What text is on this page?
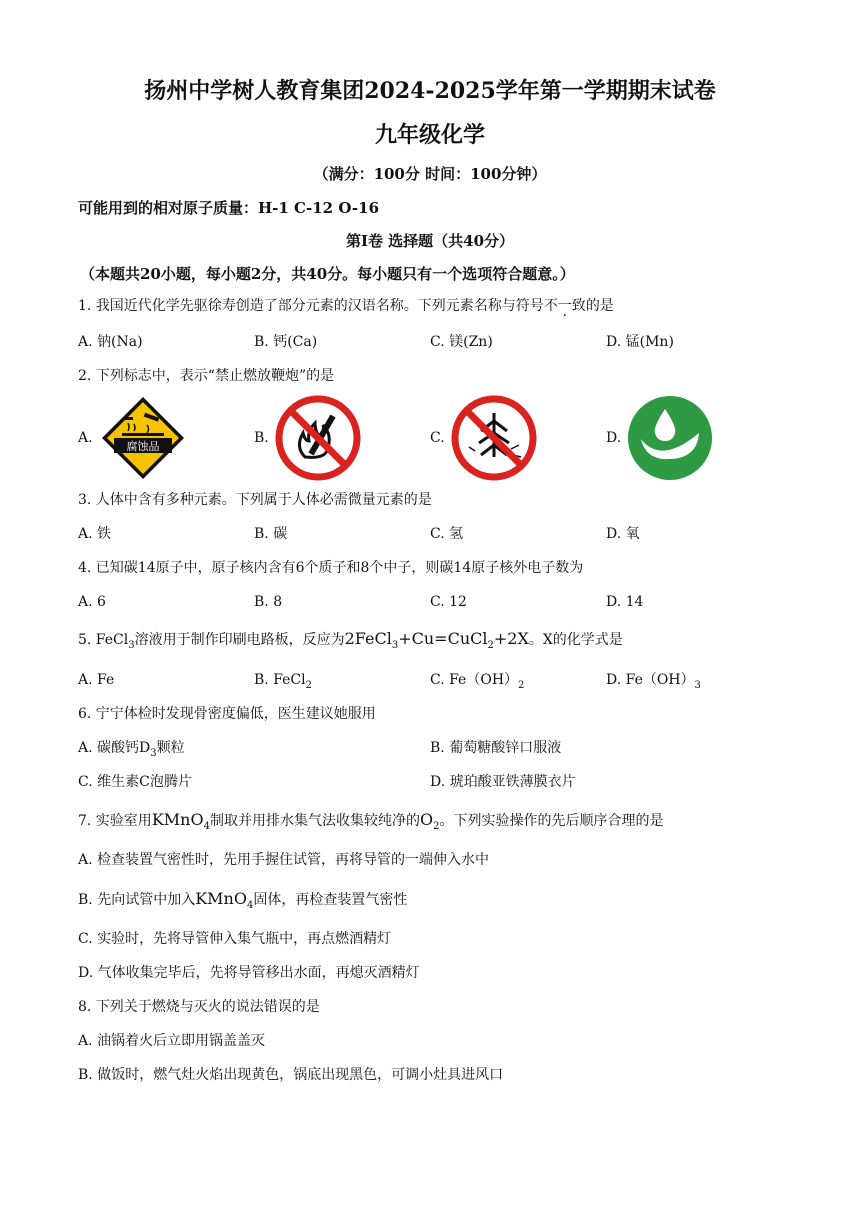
扬州中学树人教育集团2024-2025学年第一学期期末试卷
九年级化学
（满分：100分 时间：100分钟）
可能用到的相对原子质量：H-1 C-12 O-16
第Ⅰ卷 选择题（共40分）
（本题共20小题，每小题2分，共40分。每小题只有一个选项符合题意。）
1. 我国近代化学先驱徐寿创造了部分元素的汉语名称。下列元素名称与符号不一致的是
A. 钠(Na)	B. 钙(Ca)	C. 镁(Zn)	D. 锰(Mn)
2. 下列标志中，表示“禁止燃放鞭炮”的是
A.	B.	C.	D.
腐蚀品
3. 人体中含有多种元素。下列属于人体必需微量元素的是
A. 铁	B. 碳	C. 氢	D. 氧
4. 已知碳14原子中，原子核内含有6个质子和8个中子，则碳14原子核外电子数为
A. 6	B. 8	C. 12	D. 14
5. FeCl$_3$溶液用于制作印刷电路板，反应为2FeCl$_3$+Cu=CuCl$_2$+2X。X的化学式是
A. Fe	B. FeCl$_2$	C. $Fe(OH)_2$	D. $Fe(OH)_3$
6. 宁宁体检时发现骨密度偏低，医生建议她服用
A. 碳酸钙$D_3$颗粒	B. 葡萄糖酸锌口服液
C. 维生素C泡腾片	D. 琥珀酸亚铁薄膜衣片
7. 实验室用KMnO$_4$制取并用排水集气法收集较纯净的$O_2$。下列实验操作的先后顺序合理的是
A. 检查装置气密性时，先用手握住试管，再将导管的一端伸入水中
B. 先向试管中加入KMnO$_4$固体，再检查装置气密性
C. 实验时，先将导管伸入集气瓶中，再点燃酒精灯
D. 气体收集完毕后，先将导管移出水面，再熄灭酒精灯
8. 下列关于燃烧与灭火的说法错误的是
A. 油锅着火后立即用锅盖盖灭
B. 做饭时，燃气灶火焰出现黄色，锅底出现黑色，可调小灶具进风口
